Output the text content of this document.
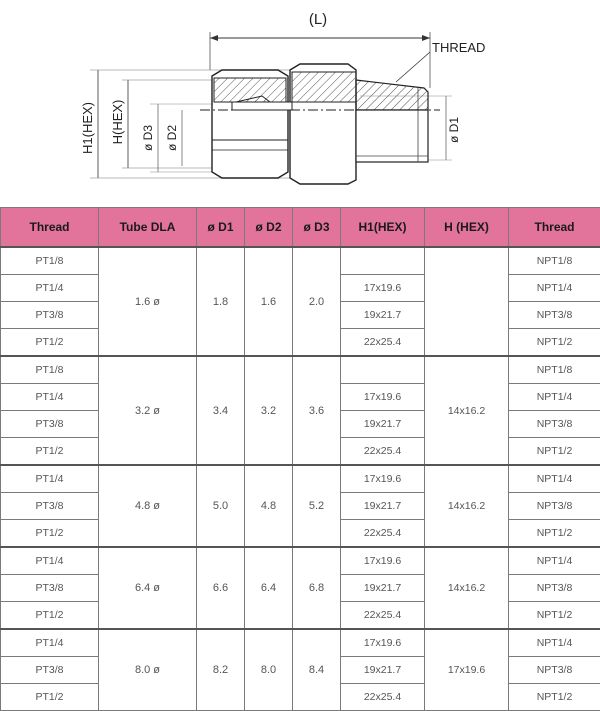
(L)
THREAD
H1(HEX) H(HEX) ø D3 ø D2	ø D1
Thread	Tube DLA	ø D1	ø D2	ø D3	H1(HEX)	H (HEX)	Thread
PT1/8	1.6 ø	1.8	1.6	2.0			NPT1/8
PT1/4					17x19.6		NPT1/4
PT3/8					19x21.7		NPT3/8
PT1/2					22x25.4		NPT1/2
PT1/8	3.2 ø	3.4	3.2	3.6		14x16.2	NPT1/8
PT1/4					17x19.6		NPT1/4
PT3/8					19x21.7		NPT3/8
PT1/2					22x25.4		NPT1/2
PT1/4	4.8 ø	5.0	4.8	5.2	17x19.6	14x16.2	NPT1/4
PT3/8					19x21.7		NPT3/8
PT1/2					22x25.4		NPT1/2
PT1/4	6.4 ø	6.6	6.4	6.8	17x19.6	14x16.2	NPT1/4
PT3/8					19x21.7		NPT3/8
PT1/2					22x25.4		NPT1/2
PT1/4	8.0 ø	8.2	8.0	8.4	17x19.6	17x19.6	NPT1/4
PT3/8					19x21.7		NPT3/8
PT1/2					22x25.4		NPT1/2
